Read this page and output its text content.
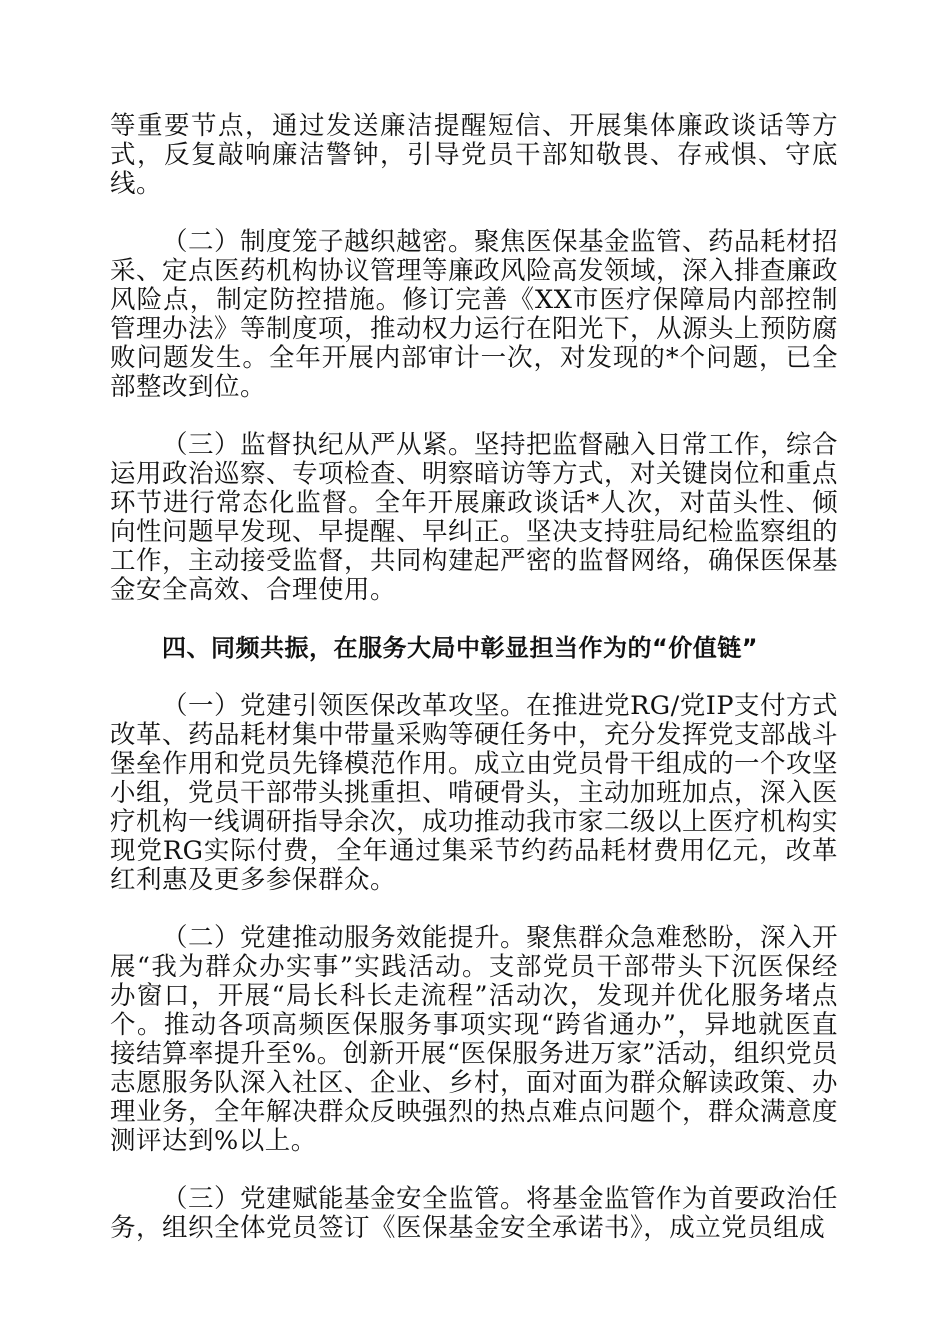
等重要节点，通过发送廉洁提醒短信、开展集体廉政谈话等方式，反复敲响廉洁警钟，引导党员干部知敬畏、存戒惧、守底线。

（二）制度笼子越织越密。聚焦医保基金监管、药品耗材招采、定点医药机构协议管理等廉政风险高发领域，深入排查廉政风险点，制定防控措施。修订完善《XX市医疗保障局内部控制管理办法》等制度项，推动权力运行在阳光下，从源头上预防腐败问题发生。全年开展内部审计一次，对发现的*个问题，已全部整改到位。

（三）监督执纪从严从紧。坚持把监督融入日常工作，综合运用政治巡察、专项检查、明察暗访等方式，对关键岗位和重点环节进行常态化监督。全年开展廉政谈话*人次，对苗头性、倾向性问题早发现、早提醒、早纠正。坚决支持驻局纪检监察组的工作，主动接受监督，共同构建起严密的监督网络，确保医保基金安全高效、合理使用。

四、同频共振，在服务大局中彰显担当作为的“价值链”

（一）党建引领医保改革攻坚。在推进党RG/党IP支付方式改革、药品耗材集中带量采购等硬任务中，充分发挥党支部战斗堡垒作用和党员先锋模范作用。成立由党员骨干组成的一个攻坚小组，党员干部带头挑重担、啃硬骨头，主动加班加点，深入医疗机构一线调研指导余次，成功推动我市家二级以上医疗机构实现党RG实际付费，全年通过集采节约药品耗材费用亿元，改革红利惠及更多参保群众。

（二）党建推动服务效能提升。聚焦群众急难愁盼，深入开展“我为群众办实事”实践活动。支部党员干部带头下沉医保经办窗口，开展“局长科长走流程”活动次，发现并优化服务堵点个。推动各项高频医保服务事项实现“跨省通办”，异地就医直接结算率提升至%。创新开展“医保服务进万家”活动，组织党员志愿服务队深入社区、企业、乡村，面对面为群众解读政策、办理业务，全年解决群众反映强烈的热点难点问题个，群众满意度测评达到%以上。

（三）党建赋能基金安全监管。将基金监管作为首要政治任务，组织全体党员签订《医保基金安全承诺书》，成立党员组成
